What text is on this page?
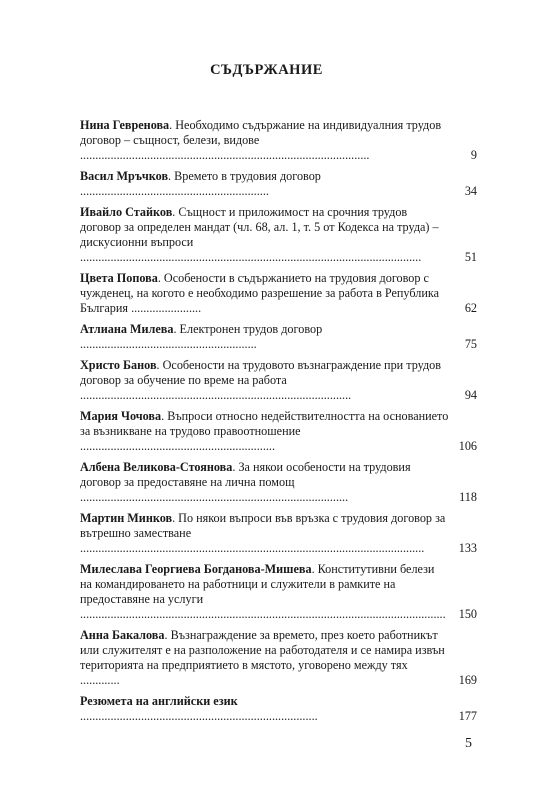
СЪДЪРЖАНИЕ
Нина Гевренова. Необходимо съдържание на индивидуалния трудов договор – същност, белези, видове ...............................................................................................	9
Васил Мръчков. Времето в трудовия договор ..............................................................	34
Ивайло Стайков. Същност и приложимост на срочния трудов договор за определен мандат (чл. 68, ал. 1, т. 5 от Кодекса на труда) – дискусионни въпроси ................................................................................................................	51
Цвета Попова. Особености в съдържанието на трудовия договор с чужденец, на когото е необходимо разрешение за работа в Република България .......................	62
Атлиана Милева. Електронен трудов договор ..........................................................	75
Христо Банов. Особености на трудовото възнаграждение при трудов договор за обучение по време на работа .........................................................................................	94
Мария Чочова. Въпроси относно недействителността на основанието за възникване на трудово правоотношение ................................................................	106
Албена Великова-Стоянова. За някои особености на трудовия договор за предоставяне на лична помощ ........................................................................................	118
Мартин Минков. По някои въпроси във връзка с трудовия договор за вътрешно заместване .................................................................................................................	133
Милеслава Георгиева Богданова-Мишева. Конститутивни белези на командироването на работници и служители в рамките на предоставяне на услуги ........................................................................................................................ 150
Анна Бакалова. Възнаграждение за времето, през което работникът или служителят е на разположение на работодателя и се намира извън територията на предприятието в мястото, уговорено между тях .............	169
Резюмета на английски език ..............................................................................	177
5
